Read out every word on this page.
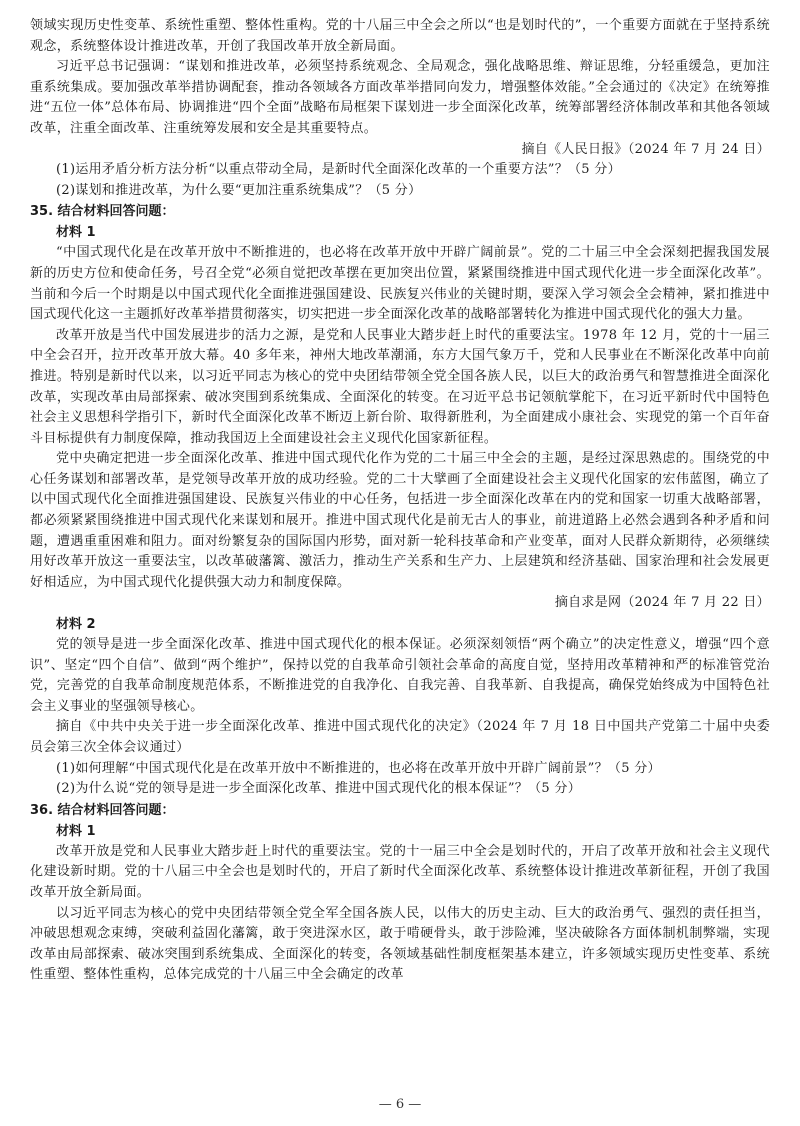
领域实现历史性变革、系统性重塑、整体性重构。党的十八届三中全会之所以“也是划时代的”，一个重要方面就在于坚持系统观念，系统整体设计推进改革，开创了我国改革开放全新局面。

习近平总书记强调：“谋划和推进改革，必须坚持系统观念、全局观念，强化战略思维、辩证思维，分轻重缓急，更加注重系统集成。要加强改革举措协调配套，推动各领域各方面改革举措同向发力，增强整体效能。”全会通过的《决定》在统筹推进“五位一体”总体布局、协调推进“四个全面”战略布局框架下谋划进一步全面深化改革，统筹部署经济体制改革和其他各领域改革，注重全面改革、注重统筹发展和安全是其重要特点。

摘自《人民日报》（2024 年 7 月 24 日）

(1)运用矛盾分析方法分析“以重点带动全局，是新时代全面深化改革的一个重要方法”？（5 分）

(2)谋划和推进改革，为什么要“更加注重系统集成”？（5 分）

35. 结合材料回答问题：

材料 1

“中国式现代化是在改革开放中不断推进的，也必将在改革开放中开辟广阔前景”。党的二十届三中全会深刻把握我国发展新的历史方位和使命任务，号召全党“必须自觉把改革摆在更加突出位置，紧紧围绕推进中国式现代化进一步全面深化改革”。当前和今后一个时期是以中国式现代化全面推进强国建设、民族复兴伟业的关键时期，要深入学习领会全会精神，紧扣推进中国式现代化这一主题抓好改革举措贯彻落实，切实把进一步全面深化改革的战略部署转化为推进中国式现代化的强大力量。

改革开放是当代中国发展进步的活力之源，是党和人民事业大踏步赶上时代的重要法宝。1978 年 12 月，党的十一届三中全会召开，拉开改革开放大幕。40 多年来，神州大地改革潮涌，东方大国气象万千，党和人民事业在不断深化改革中向前推进。特别是新时代以来，以习近平同志为核心的党中央团结带领全党全国各族人民，以巨大的政治勇气和智慧推进全面深化改革，实现改革由局部探索、破冰突围到系统集成、全面深化的转变。在习近平总书记领航掌舵下，在习近平新时代中国特色社会主义思想科学指引下，新时代全面深化改革不断迈上新台阶、取得新胜利，为全面建成小康社会、实现党的第一个百年奋斗目标提供有力制度保障，推动我国迈上全面建设社会主义现代化国家新征程。

党中央确定把进一步全面深化改革、推进中国式现代化作为党的二十届三中全会的主题，是经过深思熟虑的。围绕党的中心任务谋划和部署改革，是党领导改革开放的成功经验。党的二十大擘画了全面建设社会主义现代化国家的宏伟蓝图，确立了以中国式现代化全面推进强国建设、民族复兴伟业的中心任务，包括进一步全面深化改革在内的党和国家一切重大战略部署，都必须紧紧围绕推进中国式现代化来谋划和展开。推进中国式现代化是前无古人的事业，前进道路上必然会遇到各种矛盾和问题，遭遇重重困难和阻力。面对纷繁复杂的国际国内形势，面对新一轮科技革命和产业变革，面对人民群众新期待，必须继续用好改革开放这一重要法宝，以改革破藩篱、激活力，推动生产关系和生产力、上层建筑和经济基础、国家治理和社会发展更好相适应，为中国式现代化提供强大动力和制度保障。

摘自求是网（2024 年 7 月 22 日）

材料 2

党的领导是进一步全面深化改革、推进中国式现代化的根本保证。必须深刻领悟“两个确立”的决定性意义，增强“四个意识”、坚定“四个自信”、做到“两个维护”，保持以党的自我革命引领社会革命的高度自觉，坚持用改革精神和严的标准管党治党，完善党的自我革命制度规范体系，不断推进党的自我净化、自我完善、自我革新、自我提高，确保党始终成为中国特色社会主义事业的坚强领导核心。

摘自《中共中央关于进一步全面深化改革、推进中国式现代化的决定》（2024 年 7 月 18 日中国共产党第二十届中央委员会第三次全体会议通过）

(1)如何理解“中国式现代化是在改革开放中不断推进的，也必将在改革开放中开辟广阔前景”？（5 分）

(2)为什么说“党的领导是进一步全面深化改革、推进中国式现代化的根本保证”？（5 分）

36. 结合材料回答问题：

材料 1

改革开放是党和人民事业大踏步赶上时代的重要法宝。党的十一届三中全会是划时代的，开启了改革开放和社会主义现代化建设新时期。党的十八届三中全会也是划时代的，开启了新时代全面深化改革、系统整体设计推进改革新征程，开创了我国改革开放全新局面。

以习近平同志为核心的党中央团结带领全党全军全国各族人民，以伟大的历史主动、巨大的政治勇气、强烈的责任担当，冲破思想观念束缚，突破利益固化藩篱，敢于突进深水区，敢于啃硬骨头，敢于涉险滩，坚决破除各方面体制机制弊端，实现改革由局部探索、破冰突围到系统集成、全面深化的转变，各领域基础性制度框架基本建立，许多领域实现历史性变革、系统性重塑、整体性重构，总体完成党的十八届三中全会确定的改革

— 6 —
